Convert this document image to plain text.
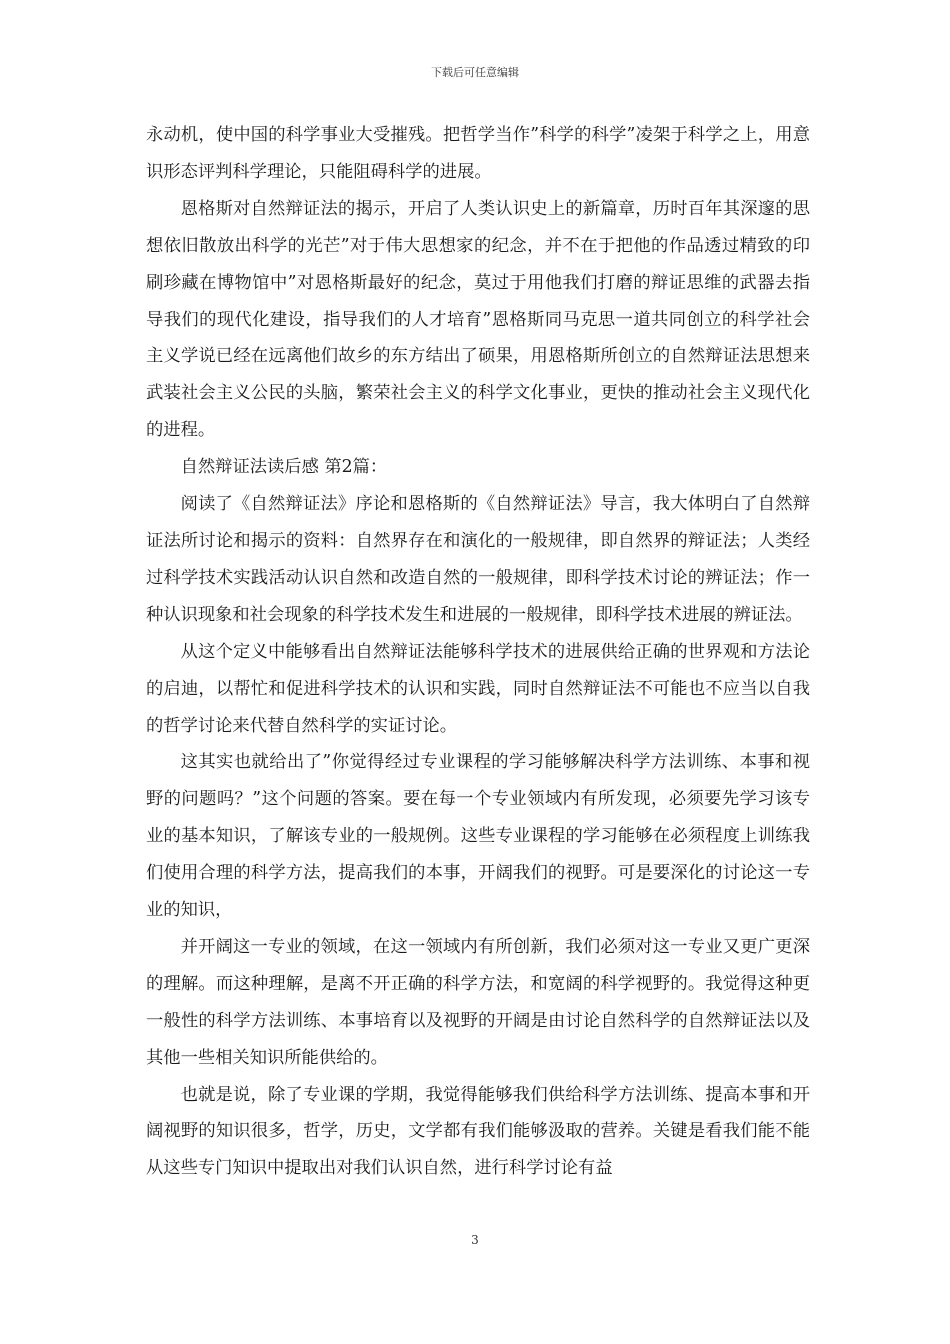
下载后可任意编辑

永动机，使中国的科学事业大受摧残。把哲学当作”科学的科学”凌架于科学之上，用意识形态评判科学理论，只能阻碍科学的进展。

恩格斯对自然辩证法的揭示，开启了人类认识史上的新篇章，历时百年其深邃的思想依旧散放出科学的光芒”对于伟大思想家的纪念，并不在于把他的作品透过精致的印刷珍藏在博物馆中”对恩格斯最好的纪念，莫过于用他我们打磨的辩证思维的武器去指导我们的现代化建设，指导我们的人才培育”恩格斯同马克思一道共同创立的科学社会主义学说已经在远离他们故乡的东方结出了硕果，用恩格斯所创立的自然辩证法思想来武装社会主义公民的头脑，繁荣社会主义的科学文化事业，更快的推动社会主义现代化的进程。

自然辩证法读后感 第2篇：

阅读了《自然辩证法》序论和恩格斯的《自然辩证法》导言，我大体明白了自然辩证法所讨论和揭示的资料：自然界存在和演化的一般规律，即自然界的辩证法；人类经过科学技术实践活动认识自然和改造自然的一般规律，即科学技术讨论的辨证法；作一种认识现象和社会现象的科学技术发生和进展的一般规律，即科学技术进展的辨证法。

从这个定义中能够看出自然辩证法能够科学技术的进展供给正确的世界观和方法论的启迪，以帮忙和促进科学技术的认识和实践，同时自然辩证法不可能也不应当以自我的哲学讨论来代替自然科学的实证讨论。

这其实也就给出了”你觉得经过专业课程的学习能够解决科学方法训练、本事和视野的问题吗？”这个问题的答案。要在每一个专业领域内有所发现，必须要先学习该专业的基本知识，了解该专业的一般规例。这些专业课程的学习能够在必须程度上训练我们使用合理的科学方法，提高我们的本事，开阔我们的视野。可是要深化的讨论这一专业的知识，

并开阔这一专业的领域，在这一领域内有所创新，我们必须对这一专业又更广更深的理解。而这种理解，是离不开正确的科学方法，和宽阔的科学视野的。我觉得这种更一般性的科学方法训练、本事培育以及视野的开阔是由讨论自然科学的自然辩证法以及其他一些相关知识所能供给的。

也就是说，除了专业课的学期，我觉得能够我们供给科学方法训练、提高本事和开阔视野的知识很多，哲学，历史，文学都有我们能够汲取的营养。关键是看我们能不能从这些专门知识中提取出对我们认识自然，进行科学讨论有益

3
